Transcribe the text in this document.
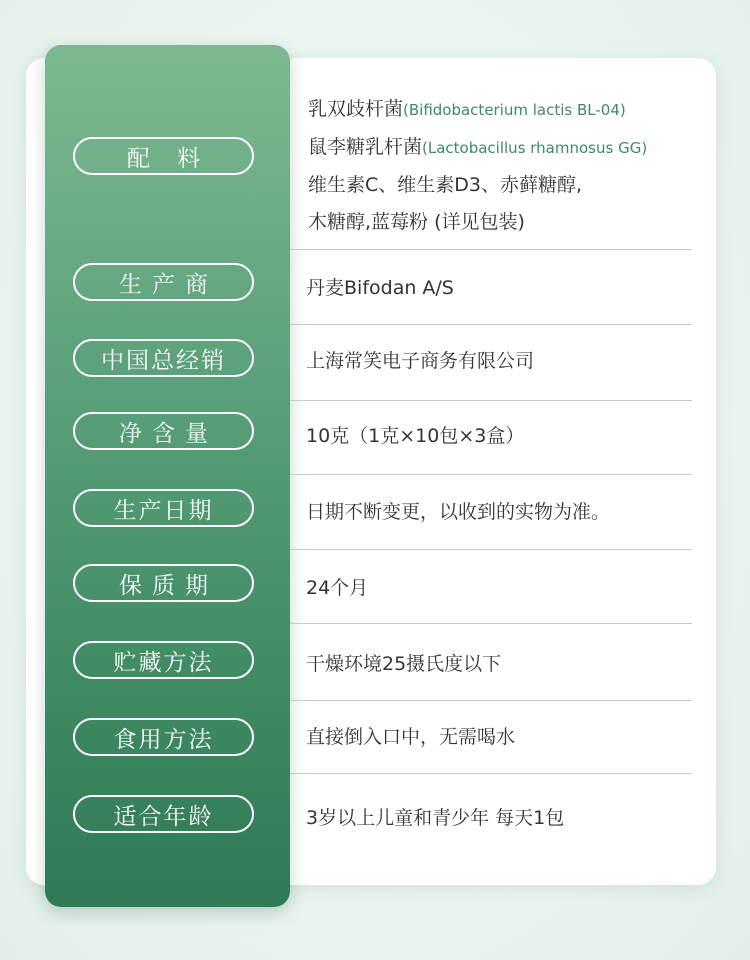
配 料
乳双歧杆菌(Bifidobacterium lactis BL-04)
鼠李糖乳杆菌(Lactobacillus rhamnosus GG)
维生素C、维生素D3、赤藓糖醇,
木糖醇,蓝莓粉 (详见包装)
生产商	丹麦Bifodan A/S
中国总经销	上海常笑电子商务有限公司
净含量	10克（1克×10包×3盒）
生产日期	日期不断变更，以收到的实物为准。
保质期	24个月
贮藏方法	干燥环境25摄氏度以下
食用方法	直接倒入口中，无需喝水
适合年龄	3岁以上儿童和青少年 每天1包
